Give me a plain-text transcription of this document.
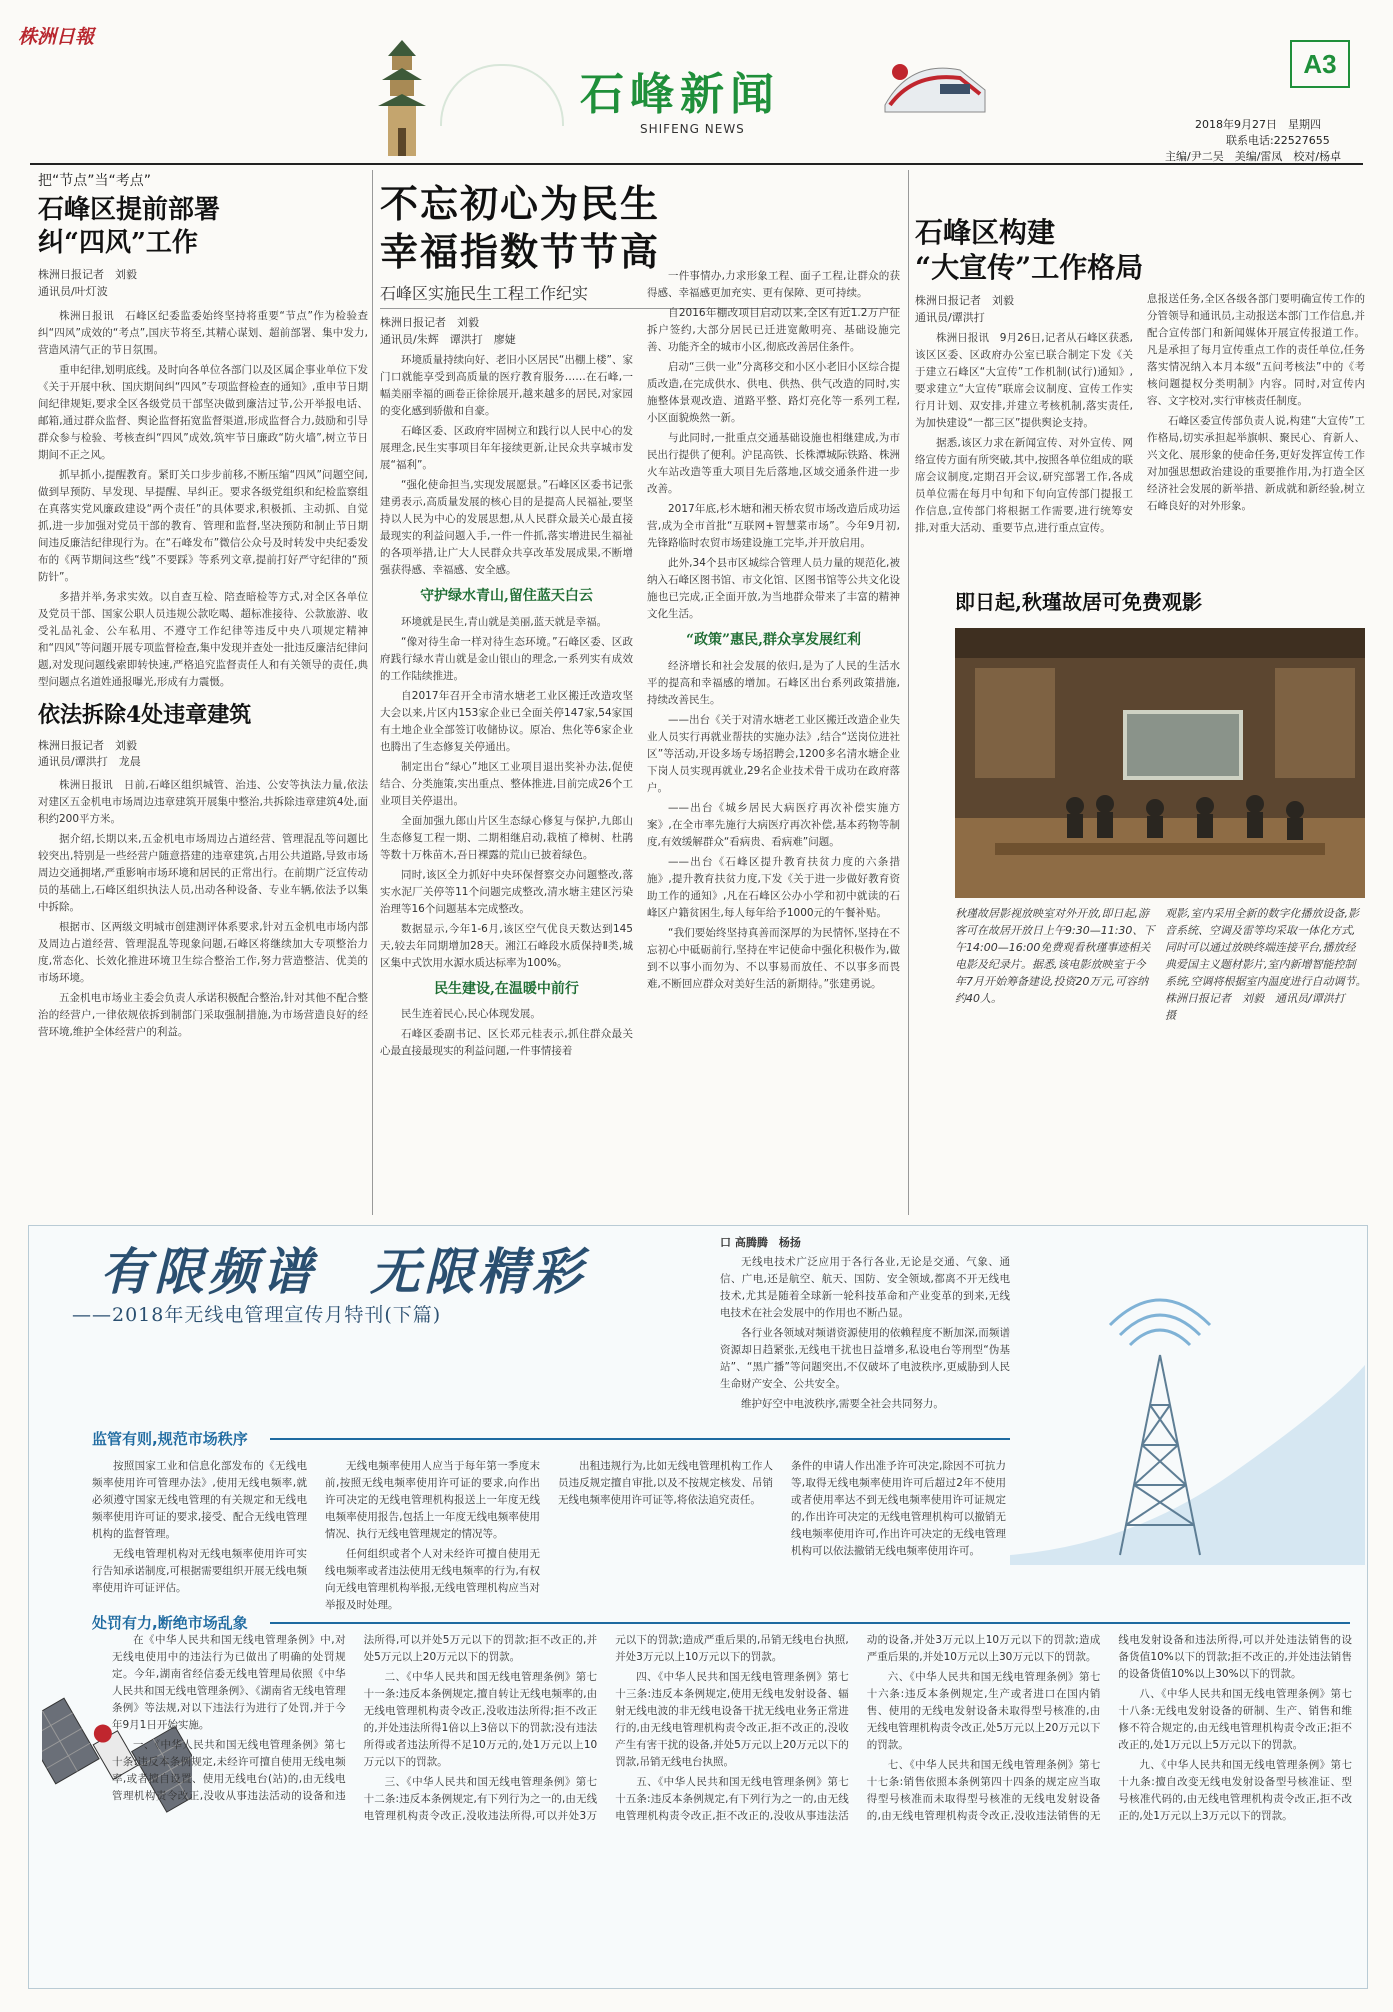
株洲日報
石峰新闻
SHIFENG NEWS
A3
2018年9月27日　星期四
联系电话:22527655
主编/尹二吴　美编/雷凤　校对/杨卓
把“节点”当“考点”
石峰区提前部署
纠“四风”工作
株洲日报记者　刘毅
通讯员/叶灯波

株洲日报讯　石峰区纪委监委始终坚持将重要“节点”作为检验查纠“四风”成效的“考点”,国庆节将至,其精心谋划、超前部署、集中发力,营造风清气正的节日氛围。

重申纪律,划明底线。及时向各单位各部门以及区属企事业单位下发《关于开展中秋、国庆期间纠“四风”专项监督检查的通知》,重申节日期间纪律规矩,要求全区各级党员干部坚决做到廉洁过节,公开举报电话、邮箱,通过群众监督、舆论监督拓宽监督渠道,形成监督合力,鼓励和引导群众参与检验、考核查纠“四风”成效,筑牢节日廉政“防火墙”,树立节日期间不正之风。

抓早抓小,提醒教育。紧盯关口步步前移,不断压缩“四风”问题空间,做到早预防、早发现、早提醒、早纠正。要求各级党组织和纪检监察组在真落实党风廉政建设“两个责任”的具体要求,积极抓、主动抓、自觉抓,进一步加强对党员干部的教育、管理和监督,坚决预防和制止节日期间违反廉洁纪律现行为。在“石峰发布”微信公众号及时转发中央纪委发布的《两节期间这些“线”不要踩》等系列文章,提前打好严守纪律的“预防针”。

多措并举,务求实效。以自查互检、陪查暗检等方式,对全区各单位及党员干部、国家公职人员违规公款吃喝、超标准接待、公款旅游、收受礼品礼金、公车私用、不遵守工作纪律等违反中央八项规定精神和“四风”等问题开展专项监督检查,集中发现并查处一批违反廉洁纪律问题,对发现问题线索即转快速,严格追究监督责任人和有关领导的责任,典型问题点名道姓通报曝光,形成有力震慑。

依法拆除4处违章建筑
株洲日报记者　刘毅
通讯员/谭洪打　龙晨

株洲日报讯　日前,石峰区组织城管、治违、公安等执法力量,依法对建区五金机电市场周边违章建筑开展集中整治,共拆除违章建筑4处,面积约200平方米。

据介绍,长期以来,五金机电市场周边占道经营、管理混乱等问题比较突出,特别是一些经营户随意搭建的违章建筑,占用公共道路,导致市场周边交通拥堵,严重影响市场环境和居民的正常出行。在前期广泛宣传动员的基础上,石峰区组织执法人员,出动各种设备、专业车辆,依法予以集中拆除。

根据市、区两级文明城市创建测评体系要求,针对五金机电市场内部及周边占道经营、管理混乱等现象问题,石峰区将继续加大专项整治力度,常态化、长效化推进环境卫生综合整治工作,努力营造整洁、优美的市场环境。

五金机电市场业主委会负责人承诺积极配合整治,针对其他不配合整治的经营户,一律依规依拆到制部门采取强制措施,为市场营造良好的经营环境,维护全体经营户的利益。

不忘初心为民生
幸福指数节节高
石峰区实施民生工程工作纪实
株洲日报记者　刘毅
通讯员/朱辉　谭洪打　廖婕

环境质量持续向好、老旧小区居民“出棚上楼”、家门口就能享受到高质量的医疗教育服务……在石峰,一幅美丽幸福的画卷正徐徐展开,越来越多的居民,对家园的变化感到骄傲和自豪。

石峰区委、区政府牢固树立和践行以人民中心的发展理念,民生实事项目年年接续更新,让民众共享城市发展“福利”。

“强化使命担当,实现发展愿景。”石峰区区委书记张建勇表示,高质量发展的核心目的是提高人民福祉,要坚持以人民为中心的发展思想,从人民群众最关心最直接最现实的利益问题入手,一件一件抓,落实增进民生福祉的各项举措,让广大人民群众共享改革发展成果,不断增强获得感、幸福感、安全感。

守护绿水青山,留住蓝天白云

环境就是民生,青山就是美丽,蓝天就是幸福。

“像对待生命一样对待生态环境。”石峰区委、区政府践行绿水青山就是金山银山的理念,一系列实有成效的工作陆续推进。

自2017年召开全市清水塘老工业区搬迁改造攻坚大会以来,片区内153家企业已全面关停147家,54家国有土地企业全部签订收储协议。原冶、焦化等6家企业也腾出了生态修复关停通出。

制定出台“绿心”地区工业项目退出奖补办法,促使结合、分类施策,实出重点、整体推进,目前完成26个工业项目关停退出。

全面加强九郎山片区生态绿心修复与保护,九郎山生态修复工程一期、二期相继启动,栽植了樟树、杜鹃等数十万株苗木,吾日裸露的荒山已披着绿色。

同时,该区全力抓好中央环保督察交办问题整改,落实水泥厂关停等11个问题完成整改,清水塘主建区污染治理等16个问题基本完成整改。

数据显示,今年1-6月,该区空气优良天数达到145天,较去年同期增加28天。湘江石峰段水质保持Ⅱ类,城区集中式饮用水源水质达标率为100%。

民生建设,在温暖中前行

民生连着民心,民心体现发展。

石峰区委副书记、区长邓元桂表示,抓住群众最关心最直接最现实的利益问题,一件事情接着

一件事情办,力求形象工程、面子工程,让群众的获得感、幸福感更加充实、更有保障、更可持续。

自2016年棚改项目启动以来,全区有近1.2万户征拆户签约,大部分居民已迁进宽敞明亮、基础设施完善、功能齐全的城市小区,彻底改善居住条件。

启动“三供一业”分离移交和小区小老旧小区综合提质改造,在完成供水、供电、供热、供气改造的同时,实施整体景观改造、道路平整、路灯亮化等一系列工程,小区面貌焕然一新。

与此同时,一批重点交通基础设施也相继建成,为市民出行提供了便利。沪昆高铁、长株潭城际铁路、株洲火车站改造等重大项目先后落地,区域交通条件进一步改善。

2017年底,杉木塘和湘天桥农贸市场改造后成功运营,成为全市首批“互联网+智慧菜市场”。今年9月初,先锋路临时农贸市场建设施工完毕,并开放启用。

此外,34个县市区城综合管理人员力量的规范化,被纳入石峰区图书馆、市文化馆、区图书馆等公共文化设施也已完成,正全面开放,为当地群众带来了丰富的精神文化生活。

“政策”惠民,群众享发展红利

经济增长和社会发展的依归,是为了人民的生活水平的提高和幸福感的增加。石峰区出台系列政策措施,持续改善民生。

——出台《关于对清水塘老工业区搬迁改造企业失业人员实行再就业帮扶的实施办法》,结合“送岗位进社区”等活动,开设多场专场招聘会,1200多名清水塘企业下岗人员实现再就业,29名企业技术骨干成功在政府落户。

——出台《城乡居民大病医疗再次补偿实施方案》,在全市率先施行大病医疗再次补偿,基本药物等制度,有效缓解群众“看病贵、看病难”问题。

——出台《石峰区提升教育扶贫力度的六条措施》,提升教育扶贫力度,下发《关于进一步做好教育资助工作的通知》,凡在石峰区公办小学和初中就读的石峰区户籍贫困生,每人每年给予1000元的午餐补贴。

“我们要始终坚持真善而深厚的为民情怀,坚持在不忘初心中砥砺前行,坚持在牢记使命中强化积极作为,做到不以事小而勿为、不以事易而放任、不以事多而畏难,不断回应群众对美好生活的新期待。”张建勇说。

石峰区构建
“大宣传”工作格局
株洲日报记者　刘毅
通讯员/谭洪打

株洲日报讯　9月26日,记者从石峰区获悉,该区区委、区政府办公室已联合制定下发《关于建立石峰区“大宣传”工作机制(试行)通知》,要求建立“大宣传”联席会议制度、宣传工作实行月计划、双安排,并建立考核机制,落实责任,为加快建设“一都三区”提供舆论支持。

据悉,该区力求在新闻宣传、对外宣传、网络宣传方面有所突破,其中,按照各单位组成的联席会议制度,定期召开会议,研究部署工作,各成员单位需在每月中旬和下旬向宣传部门提报工作信息,宣传部门将根据工作需要,进行统筹安排,对重大活动、重要节点,进行重点宣传。

息报送任务,全区各级各部门要明确宣传工作的分管领导和通讯员,主动报送本部门工作信息,并配合宣传部门和新闻媒体开展宣传报道工作。凡是承担了每月宣传重点工作的责任单位,任务落实情况纳入本月本级“五问考核法”中的《考核问题提权分类明制》内容。同时,对宣传内容、文字校对,实行审核责任制度。

石峰区委宣传部负责人说,构建“大宣传”工作格局,切实承担起举旗帜、聚民心、育新人、兴文化、展形象的使命任务,更好发挥宣传工作对加强思想政治建设的重要推作用,为打造全区经济社会发展的新举措、新成就和新经验,树立石峰良好的对外形象。

即日起,秋瑾故居可免费观影
秋瑾故居影视放映室对外开放,即日起,游客可在故居开放日上午9:30—11:30、下午14:00—16:00免费观看秋瑾事迹相关电影及纪录片。据悉,该电影放映室于今年7月开始筹备建设,投资20万元,可容纳约40人。
观影,室内采用全新的数字化播放设备,影音系统、空调及雷等均采取一体化方式,同时可以通过放映终端连接平台,播放经典爱国主义题材影片,室内新增智能控制系统,空调将根据室内温度进行自动调节。　株洲日报记者　刘毅　通讯员/谭洪打　摄
有限频谱　无限精彩
——2018年无线电管理宣传月特刊(下篇)
口 高腾腾　杨扬

无线电技术广泛应用于各行各业,无论是交通、气象、通信、广电,还是航空、航天、国防、安全领域,都离不开无线电技术,尤其是随着全球新一轮科技革命和产业变革的到来,无线电技术在社会发展中的作用也不断凸显。

各行业各领域对频谱资源使用的依赖程度不断加深,而频谱资源却日趋紧张,无线电干扰也日益增多,私设电台等刑型“伪基站”、“黑广播”等问题突出,不仅破坏了电波秩序,更威胁到人民生命财产安全、公共安全。

维护好空中电波秩序,需要全社会共同努力。

监管有则,规范市场秩序

按照国家工业和信息化部发布的《无线电频率使用许可管理办法》,使用无线电频率,就必须遵守国家无线电管理的有关规定和无线电频率使用许可证的要求,接受、配合无线电管理机构的监督管理。

无线电管理机构对无线电频率使用许可实行告知承诺制度,可根据需要组织开展无线电频率使用许可证评估。

无线电频率使用人应当于每年第一季度末前,按照无线电频率使用许可证的要求,向作出许可决定的无线电管理机构报送上一年度无线电频率使用报告,包括上一年度无线电频率使用情况、执行无线电管理规定的情况等。

任何组织或者个人对未经许可擅自使用无线电频率或者违法使用无线电频率的行为,有权向无线电管理机构举报,无线电管理机构应当对举报及时处理。

出租违规行为,比如无线电管理机构工作人员违反规定擅自审批,以及不按规定核发、吊销无线电频率使用许可证等,将依法追究责任。

条件的申请人作出准予许可决定,除因不可抗力等,取得无线电频率使用许可后超过2年不使用或者使用率达不到无线电频率使用许可证规定的,作出许可决定的无线电管理机构可以撤销无线电频率使用许可,作出许可决定的无线电管理机构可以依法撤销无线电频率使用许可。

处罚有力,断绝市场乱象

在《中华人民共和国无线电管理条例》中,对无线电使用中的违法行为已做出了明确的处罚规定。今年,湖南省经信委无线电管理局依照《中华人民共和国无线电管理条例》、《湖南省无线电管理条例》等法规,对以下违法行为进行了处罚,并于今年9月1日开始实施。

一、《中华人民共和国无线电管理条例》第七十条:违反本条例规定,未经许可擅自使用无线电频率,或者擅自设置、使用无线电台(站)的,由无线电管理机构责令改正,没收从事违法活动的设备和违法所得,可以并处5万元以下的罚款;拒不改正的,并处5万元以上20万元以下的罚款。

二、《中华人民共和国无线电管理条例》第七十一条:违反本条例规定,擅自转让无线电频率的,由无线电管理机构责令改正,没收违法所得;拒不改正的,并处违法所得1倍以上3倍以下的罚款;没有违法所得或者违法所得不足10万元的,处1万元以上10万元以下的罚款。

三、《中华人民共和国无线电管理条例》第七十二条:违反本条例规定,有下列行为之一的,由无线电管理机构责令改正,没收违法所得,可以并处3万元以下的罚款;造成严重后果的,吊销无线电台执照,并处3万元以上10万元以下的罚款。

四、《中华人民共和国无线电管理条例》第七十三条:违反本条例规定,使用无线电发射设备、辐射无线电波的非无线电设备干扰无线电业务正常进行的,由无线电管理机构责令改正,拒不改正的,没收产生有害干扰的设备,并处5万元以上20万元以下的罚款,吊销无线电台执照。

五、《中华人民共和国无线电管理条例》第七十五条:违反本条例规定,有下列行为之一的,由无线电管理机构责令改正,拒不改正的,没收从事违法活动的设备,并处3万元以上10万元以下的罚款;造成严重后果的,并处10万元以上30万元以下的罚款。

六、《中华人民共和国无线电管理条例》第七十六条:违反本条例规定,生产或者进口在国内销售、使用的无线电发射设备未取得型号核准的,由无线电管理机构责令改正,处5万元以上20万元以下的罚款。

七、《中华人民共和国无线电管理条例》第七十七条:销售依照本条例第四十四条的规定应当取得型号核准而未取得型号核准的无线电发射设备的,由无线电管理机构责令改正,没收违法销售的无线电发射设备和违法所得,可以并处违法销售的设备货值10%以下的罚款;拒不改正的,并处违法销售的设备货值10%以上30%以下的罚款。

八、《中华人民共和国无线电管理条例》第七十八条:无线电发射设备的研制、生产、销售和维修不符合规定的,由无线电管理机构责令改正;拒不改正的,处1万元以上5万元以下的罚款。

九、《中华人民共和国无线电管理条例》第七十九条:擅自改变无线电发射设备型号核准证、型号核准代码的,由无线电管理机构责令改正,拒不改正的,处1万元以上3万元以下的罚款。
